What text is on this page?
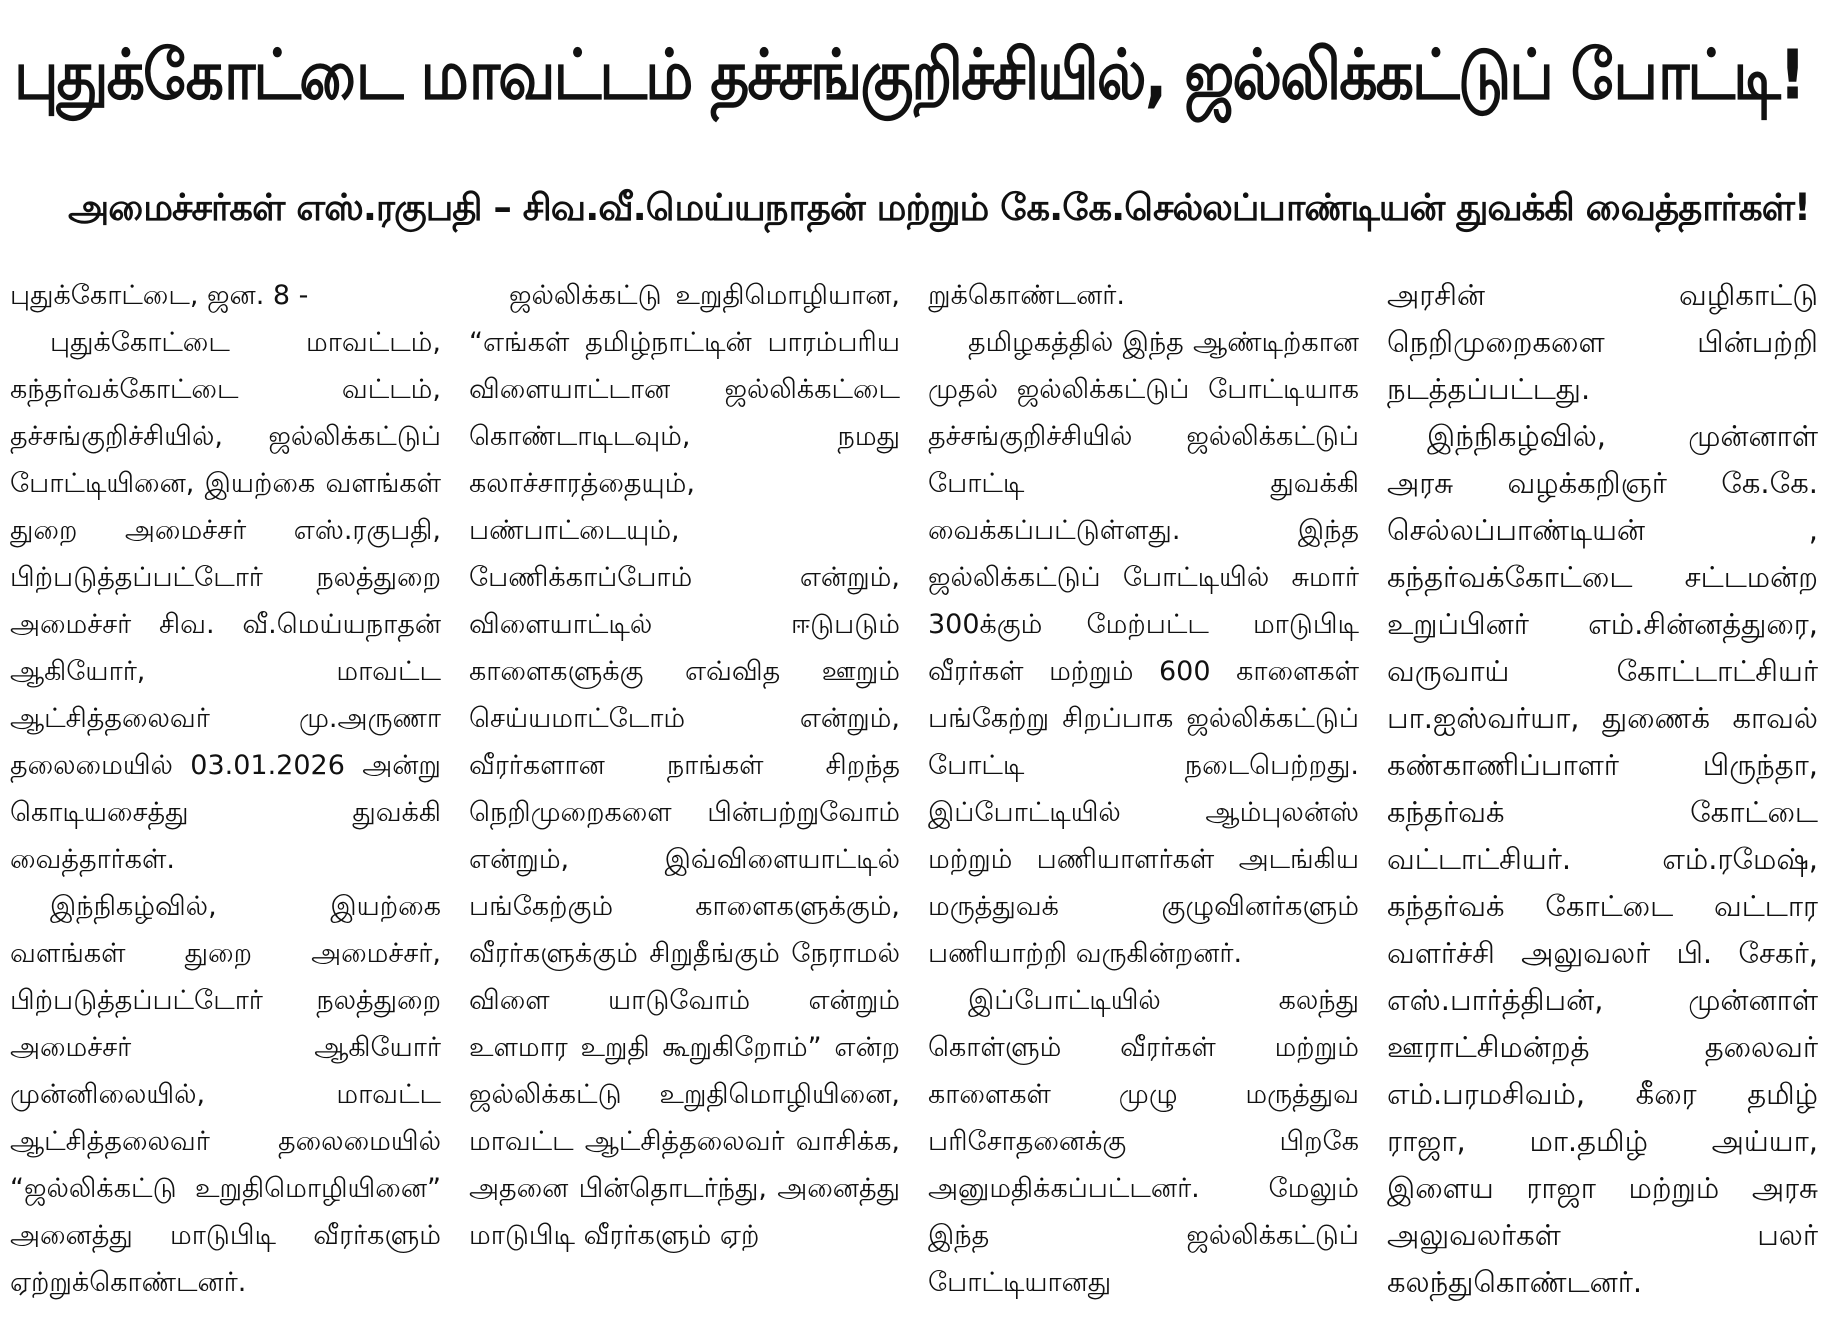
புதுக்கோட்டை மாவட்டம் தச்சங்குறிச்சியில், ஜல்லிக்கட்டுப் போட்டி!
அமைச்சர்கள் எஸ்.ரகுபதி – சிவ.வீ.மெய்யநாதன் மற்றும் கே.கே.செல்லப்பாண்டியன் துவக்கி வைத்தார்கள்!

புதுக்கோட்டை, ஜன. 8 -

புதுக்கோட்டை மாவட்டம், கந்தர்வக்கோட்டை வட்டம், தச்சங்குறிச்சியில், ஜல்லிக்கட்டுப் போட்டியினை, இயற்கை வளங்கள் துறை அமைச்சர் எஸ்.ரகுபதி, பிற்படுத்தப்பட்டோர் நலத்துறை அமைச்சர் சிவ. வீ.மெய்யநாதன் ஆகியோர், மாவட்ட ஆட்சித்தலைவர் மு.அருணா தலைமையில் 03.01.2026 அன்று கொடியசைத்து துவக்கி வைத்தார்கள்.

இந்நிகழ்வில், இயற்கை வளங்கள் துறை அமைச்சர், பிற்படுத்தப்பட்டோர் நலத்துறை அமைச்சர் ஆகியோர் முன்னிலையில், மாவட்ட ஆட்சித்தலைவர் தலைமையில் “ஜல்லிக்கட்டு உறுதிமொழியினை” அனைத்து மாடுபிடி வீரர்களும் ஏற்றுக்கொண்டனர்.

ஜல்லிக்கட்டு உறுதிமொழியான, “எங்கள் தமிழ்நாட்டின் பாரம்பரிய விளையாட்டான ஜல்லிக்கட்டை கொண்டாடிடவும், நமது கலாச்சாரத்தையும், பண்பாட்டையும், பேணிக்காப்போம் என்றும், விளையாட்டில் ஈடுபடும் காளைகளுக்கு எவ்வித ஊறும் செய்யமாட்டோம் என்றும், வீரர்களான நாங்கள் சிறந்த நெறிமுறைகளை பின்பற்றுவோம் என்றும், இவ்விளையாட்டில் பங்கேற்கும் காளைகளுக்கும், வீரர்களுக்கும் சிறுதீங்கும் நேராமல் விளை யாடுவோம் என்றும் உளமார உறுதி கூறுகிறோம்” என்ற ஜல்லிக்கட்டு உறுதிமொழியினை, மாவட்ட ஆட்சித்தலைவர் வாசிக்க, அதனை பின்தொடர்ந்து, அனைத்து மாடுபிடி வீரர்களும் ஏற்

றுக்கொண்டனர்.

தமிழகத்தில் இந்த ஆண்டிற்கான முதல் ஜல்லிக்கட்டுப் போட்டியாக தச்சங்குறிச்சியில் ஜல்லிக்கட்டுப் போட்டி துவக்கி வைக்கப்பட்டுள்ளது. இந்த ஜல்லிக்கட்டுப் போட்டியில் சுமார் 300க்கும் மேற்பட்ட மாடுபிடி வீரர்கள் மற்றும் 600 காளைகள் பங்கேற்று சிறப்பாக ஜல்லிக்கட்டுப் போட்டி நடைபெற்றது. இப்போட்டியில் ஆம்புலன்ஸ் மற்றும் பணியாளர்கள் அடங்கிய மருத்துவக் குழுவினர்களும் பணியாற்றி வருகின்றனர்.

இப்போட்டியில் கலந்து கொள்ளும் வீரர்கள் மற்றும் காளைகள் முழு மருத்துவ பரிசோதனைக்கு பிறகே அனுமதிக்கப்பட்டனர். மேலும் இந்த ஜல்லிக்கட்டுப் போட்டியானது

அரசின் வழிகாட்டு நெறிமுறைகளை பின்பற்றி நடத்தப்பட்டது.

இந்நிகழ்வில், முன்னாள் அரசு வழக்கறிஞர் கே.கே. செல்லப்பாண்டியன் , கந்தர்வக்கோட்டை சட்டமன்ற உறுப்பினர் எம்.சின்னத்துரை, வருவாய் கோட்டாட்சியர் பா.ஐஸ்வர்யா, துணைக் காவல் கண்காணிப்பாளர் பிருந்தா, கந்தர்வக் கோட்டை வட்டாட்சியர். எம்.ரமேஷ், கந்தர்வக் கோட்டை வட்டார வளர்ச்சி அலுவலர் பி. சேகர், எஸ்.பார்த்திபன், முன்னாள் ஊராட்சிமன்றத் தலைவர் எம்.பரமசிவம், கீரை தமிழ் ராஜா, மா.தமிழ் அய்யா, இளைய ராஜா மற்றும் அரசு அலுவலர்கள் பலர் கலந்துகொண்டனர்.
